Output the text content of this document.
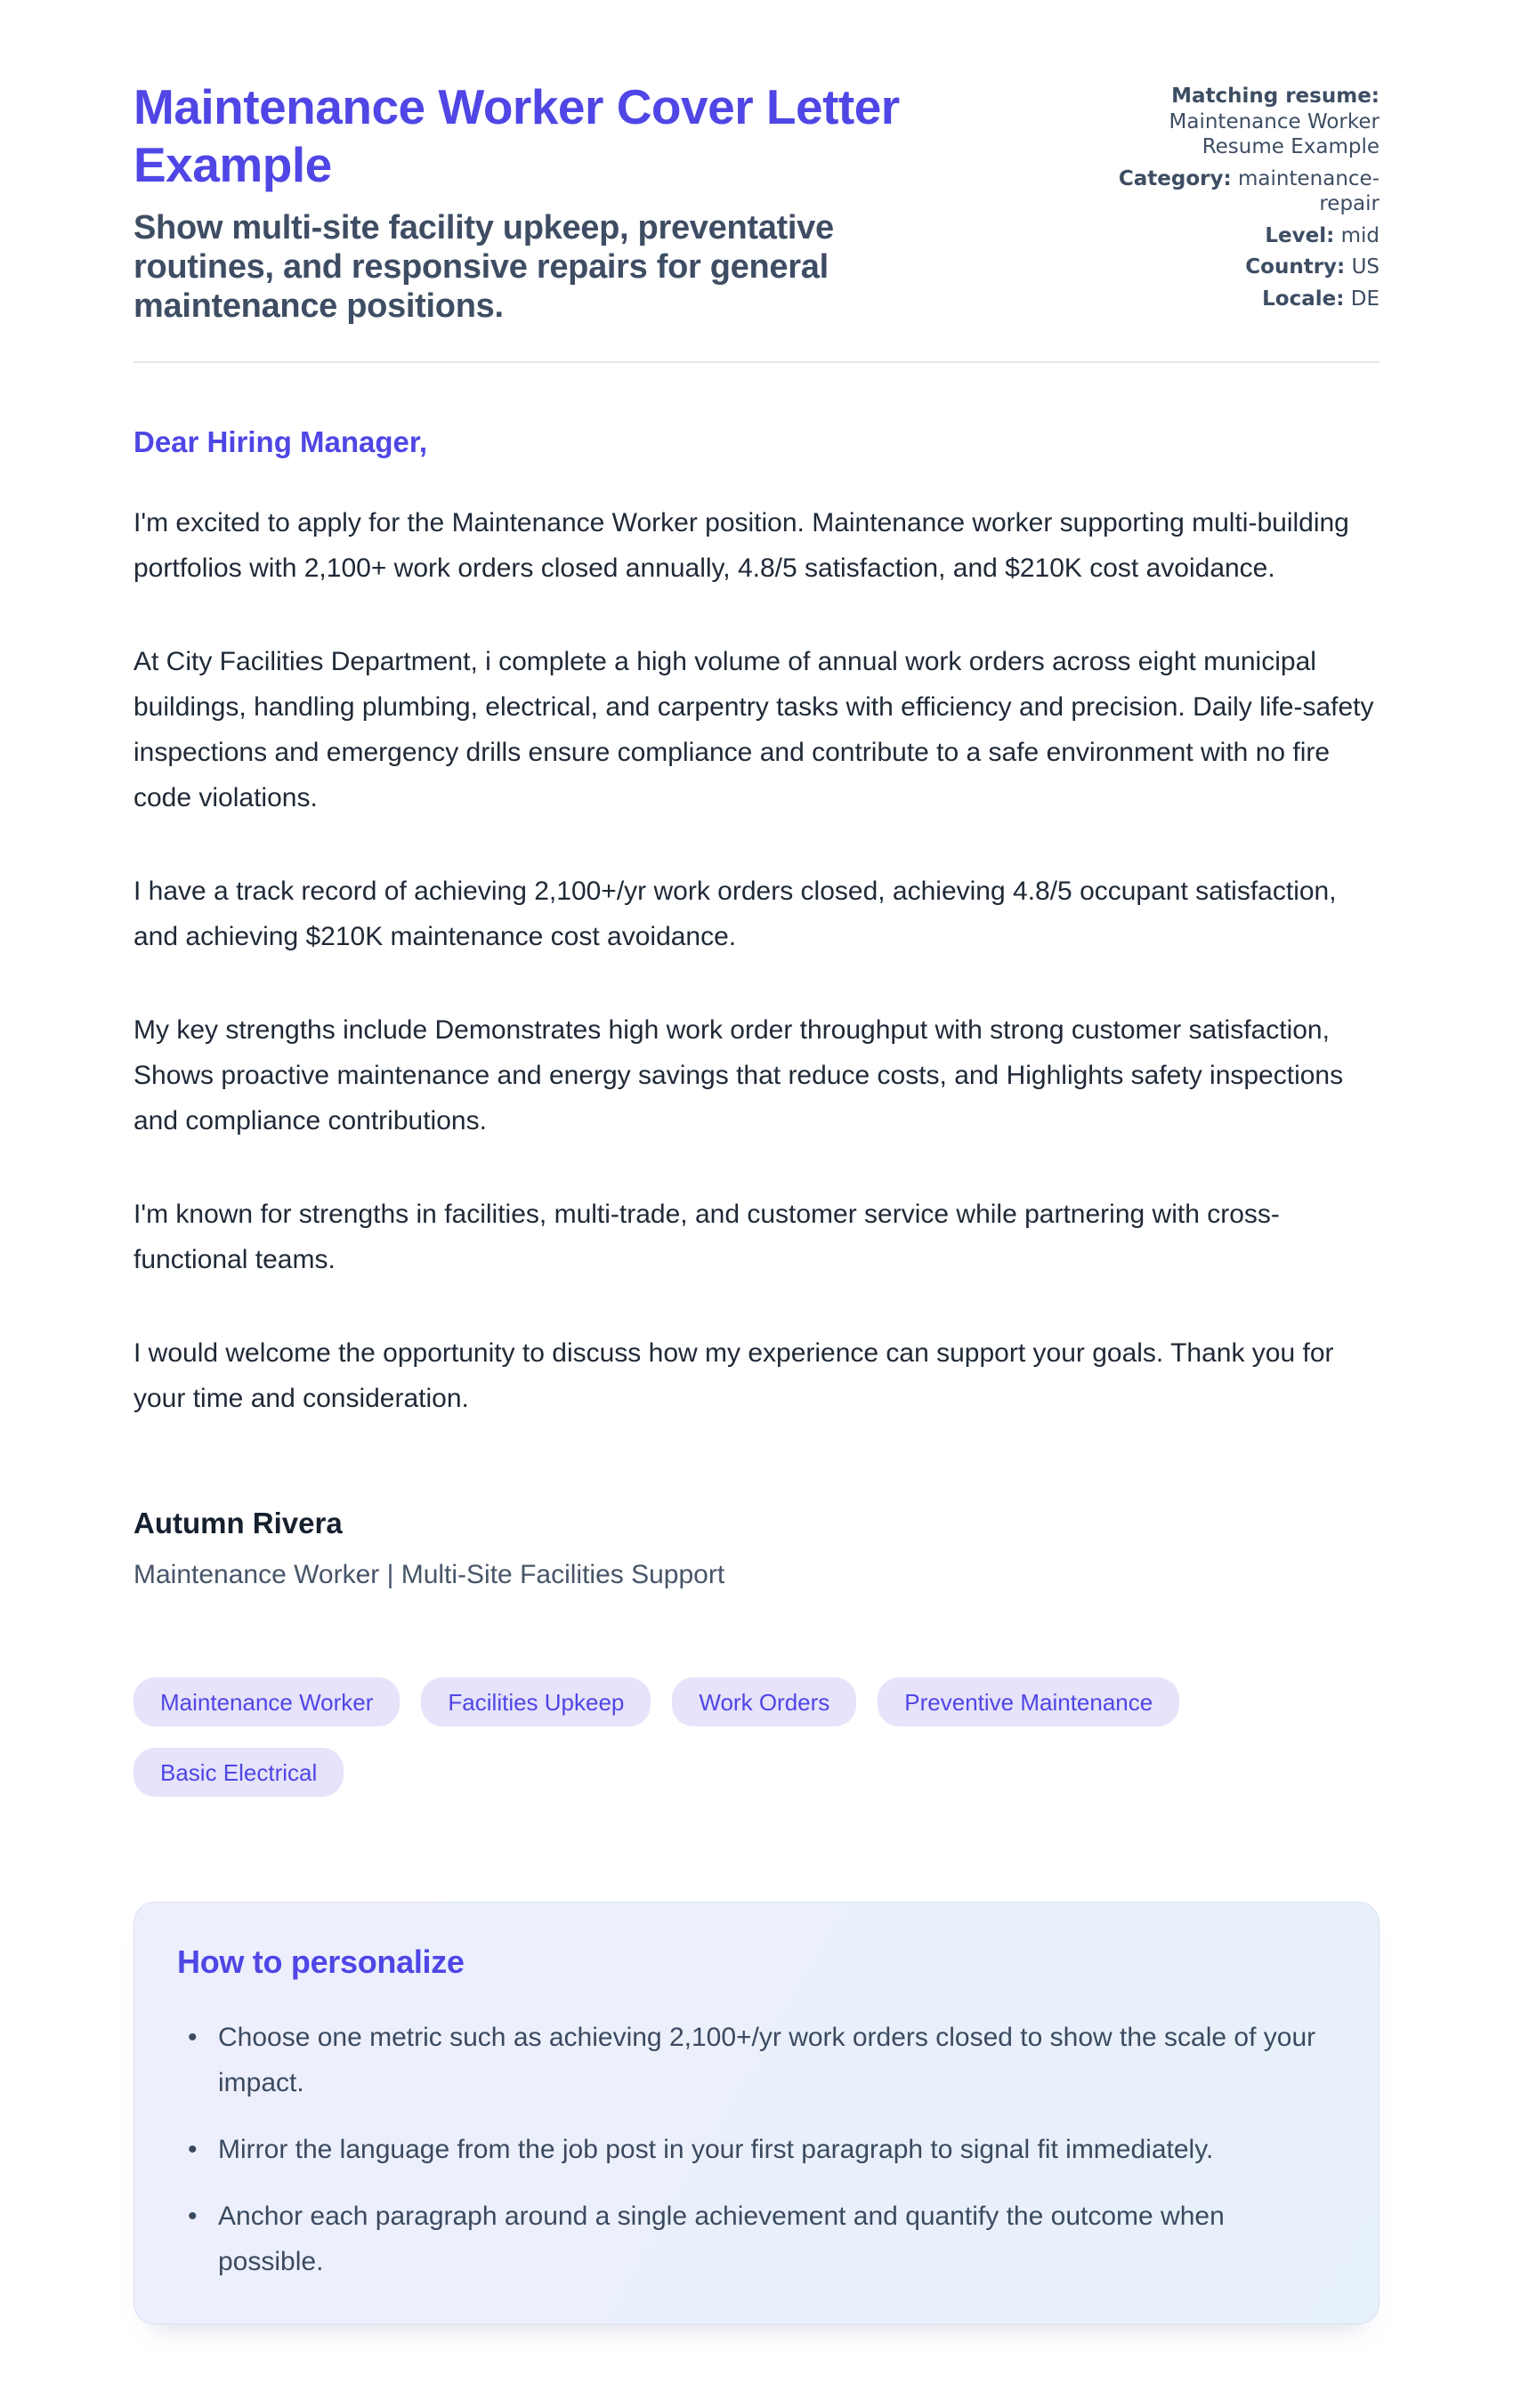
Maintenance Worker Cover Letter Example
Show multi-site facility upkeep, preventative routines, and responsive repairs for general maintenance positions.
Matching resume: Maintenance Worker Resume Example
Category: maintenance-repair
Level: mid
Country: US
Locale: DE
Dear Hiring Manager,

I'm excited to apply for the Maintenance Worker position. Maintenance worker supporting multi-building portfolios with 2,100+ work orders closed annually, 4.8/5 satisfaction, and $210K cost avoidance.

At City Facilities Department, i complete a high volume of annual work orders across eight municipal buildings, handling plumbing, electrical, and carpentry tasks with efficiency and precision. Daily life-safety inspections and emergency drills ensure compliance and contribute to a safe environment with no fire code violations.

I have a track record of achieving 2,100+/yr work orders closed, achieving 4.8/5 occupant satisfaction, and achieving $210K maintenance cost avoidance.

My key strengths include Demonstrates high work order throughput with strong customer satisfaction, Shows proactive maintenance and energy savings that reduce costs, and Highlights safety inspections and compliance contributions.

I'm known for strengths in facilities, multi-trade, and customer service while partnering with cross-functional teams.

I would welcome the opportunity to discuss how my experience can support your goals. Thank you for your time and consideration.

Autumn Rivera
Maintenance Worker | Multi-Site Facilities Support
Maintenance Worker	Facilities Upkeep	Work Orders	Preventive Maintenance
Basic Electrical
How to personalize
• Choose one metric such as achieving 2,100+/yr work orders closed to show the scale of your impact.
• Mirror the language from the job post in your first paragraph to signal fit immediately.
• Anchor each paragraph around a single achievement and quantify the outcome when possible.
